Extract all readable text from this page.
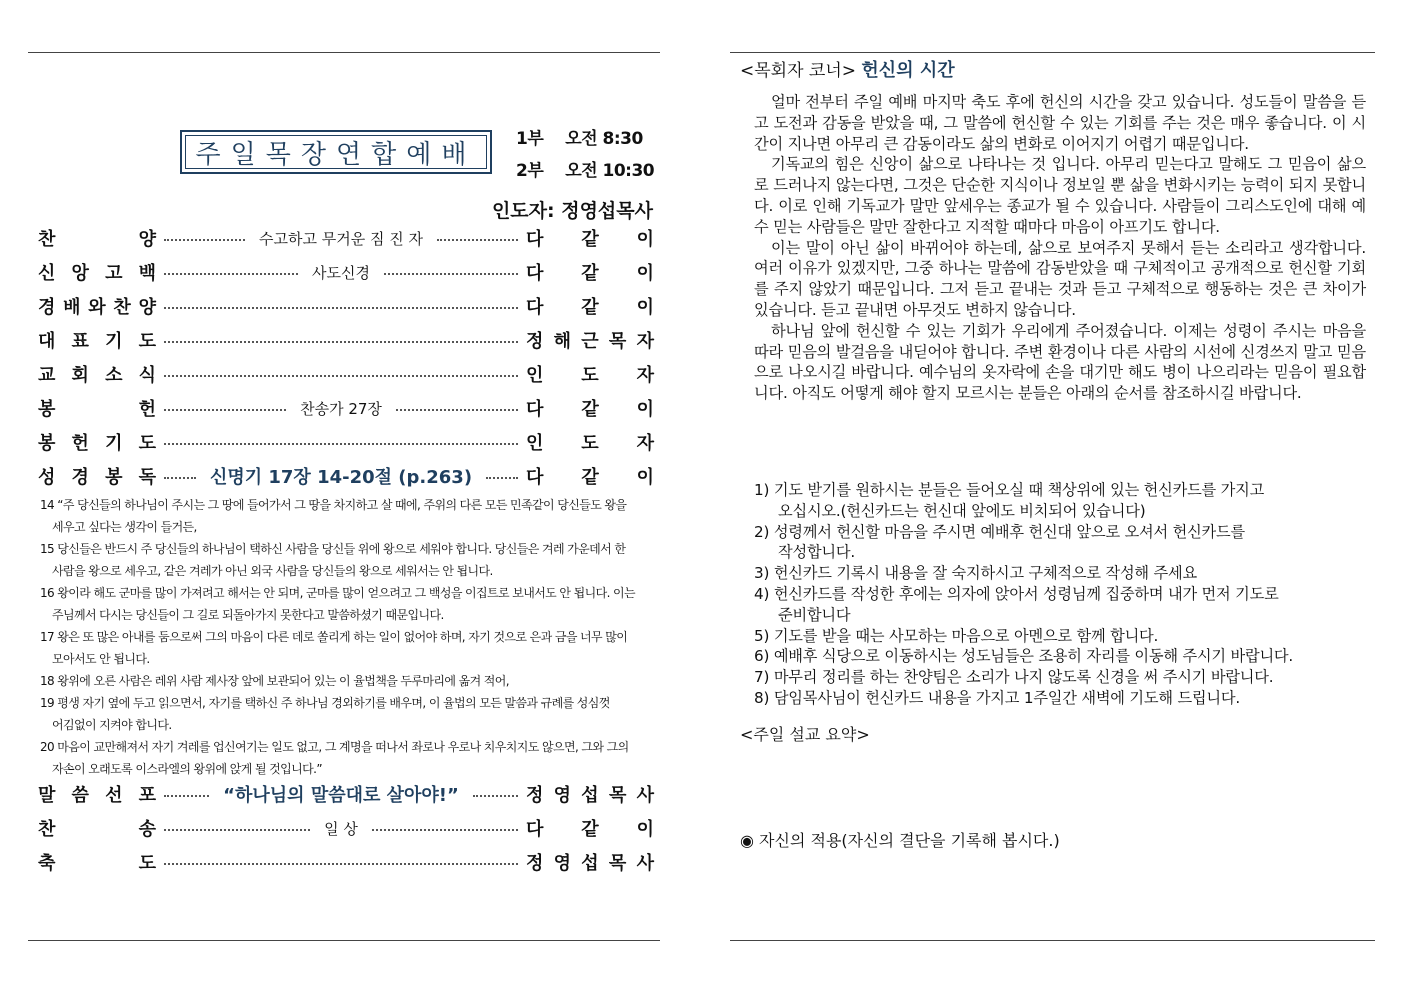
주일목장연합예배
1부 오전 8:30
2부 오전 10:30
인도자: 정영섭목사
<목회자 코너> 헌신의 시간

얼마 전부터 주일 예배 마지막 축도 후에 헌신의 시간을 갖고 있습니다. 성도들이 말씀을 듣고 도전과 감동을 받았을 때, 그 말씀에 헌신할 수 있는 기회를 주는 것은 매우 좋습니다. 이 시간이 지나면 아무리 큰 감동이라도 삶의 변화로 이어지기 어렵기 때문입니다.

기독교의 힘은 신앙이 삶으로 나타나는 것 입니다. 아무리 믿는다고 말해도 그 믿음이 삶으로 드러나지 않는다면, 그것은 단순한 지식이나 정보일 뿐 삶을 변화시키는 능력이 되지 못합니다. 이로 인해 기독교가 말만 앞세우는 종교가 될 수 있습니다. 사람들이 그리스도인에 대해 예수 믿는 사람들은 말만 잘한다고 지적할 때마다 마음이 아프기도 합니다.

이는 말이 아닌 삶이 바뀌어야 하는데, 삶으로 보여주지 못해서 듣는 소리라고 생각합니다. 여러 이유가 있겠지만, 그중 하나는 말씀에 감동받았을 때 구체적이고 공개적으로 헌신할 기회를 주지 않았기 때문입니다. 그저 듣고 끝내는 것과 듣고 구체적으로 행동하는 것은 큰 차이가 있습니다. 듣고 끝내면 아무것도 변하지 않습니다.

하나님 앞에 헌신할 수 있는 기회가 우리에게 주어졌습니다. 이제는 성령이 주시는 마음을 따라 믿음의 발걸음을 내딛어야 합니다. 주변 환경이나 다른 사람의 시선에 신경쓰지 말고 믿음으로 나오시길 바랍니다. 예수님의 옷자락에 손을 대기만 해도 병이 나으리라는 믿음이 필요합니다. 아직도 어떻게 해야 할지 모르시는 분들은 아래의 순서를 참조하시길 바랍니다.

1) 기도 받기를 원하시는 분들은 들어오실 때 책상위에 있는 헌신카드를 가지고
오십시오.(헌신카드는 헌신대 앞에도 비치되어 있습니다)
2) 성령께서 헌신할 마음을 주시면 예배후 헌신대 앞으로 오셔서 헌신카드를
작성합니다.
3) 헌신카드 기록시 내용을 잘 숙지하시고 구체적으로 작성해 주세요
4) 헌신카드를 작성한 후에는 의자에 앉아서 성령님께 집중하며 내가 먼저 기도로
준비합니다
5) 기도를 받을 때는 사모하는 마음으로 아멘으로 함께 합니다.
6) 예배후 식당으로 이동하시는 성도님들은 조용히 자리를 이동해 주시기 바랍니다.
7) 마무리 정리를 하는 찬양팀은 소리가 나지 않도록 신경을 써 주시기 바랍니다.
8) 담임목사님이 헌신카드 내용을 가지고 1주일간 새벽에 기도해 드립니다.
<주일 설교 요약>
◉ 자신의 적용(자신의 결단을 기록해 봅시다.)
찬	양	수고하고 무거운 짐 진 자	다 같 이
신 앙 고 백	사도신경	다 같 이
경 배 와 찬 양	다 같 이
대 표 기 도	정 해 근 목 자
교 회 소 식	인 도 자
봉	헌	찬송가 27장	다 같 이
봉 헌 기 도	인 도 자
성 경 봉 독	신명기 17장 14-20절 (p.263)	다 같 이
14 “주 당신들의 하나님이 주시는 그 땅에 들어가서 그 땅을 차지하고 살 때에, 주위의 다른 모든 민족같이 당신들도 왕을
세우고 싶다는 생각이 들거든,
15 당신들은 반드시 주 당신들의 하나님이 택하신 사람을 당신들 위에 왕으로 세워야 합니다. 당신들은 겨레 가운데서 한
사람을 왕으로 세우고, 같은 겨레가 아닌 외국 사람을 당신들의 왕으로 세워서는 안 됩니다.
16 왕이라 해도 군마를 많이 가져려고 해서는 안 되며, 군마를 많이 얻으려고 그 백성을 이집트로 보내서도 안 됩니다. 이는
주님께서 다시는 당신들이 그 길로 되돌아가지 못한다고 말씀하셨기 때문입니다.
17 왕은 또 많은 아내를 둠으로써 그의 마음이 다른 데로 쏠리게 하는 일이 없어야 하며, 자기 것으로 은과 금을 너무 많이
모아서도 안 됩니다.
18 왕위에 오른 사람은 레위 사람 제사장 앞에 보관되어 있는 이 율법책을 두루마리에 옮겨 적어,
19 평생 자기 옆에 두고 읽으면서, 자기를 택하신 주 하나님 경외하기를 배우며, 이 율법의 모든 말씀과 규례를 성심껏
어김없이 지켜야 합니다.
20 마음이 교만해져서 자기 겨레를 업신여기는 일도 없고, 그 계명을 떠나서 좌로나 우로나 치우치지도 않으면, 그와 그의
자손이 오래도록 이스라엘의 왕위에 앉게 될 것입니다.”
말 씀 선 포	“하나님의 말씀대로 살아야!”	정 영 섭 목 사
찬	송	일 상	다 같 이
축	도	정 영 섭 목 사
